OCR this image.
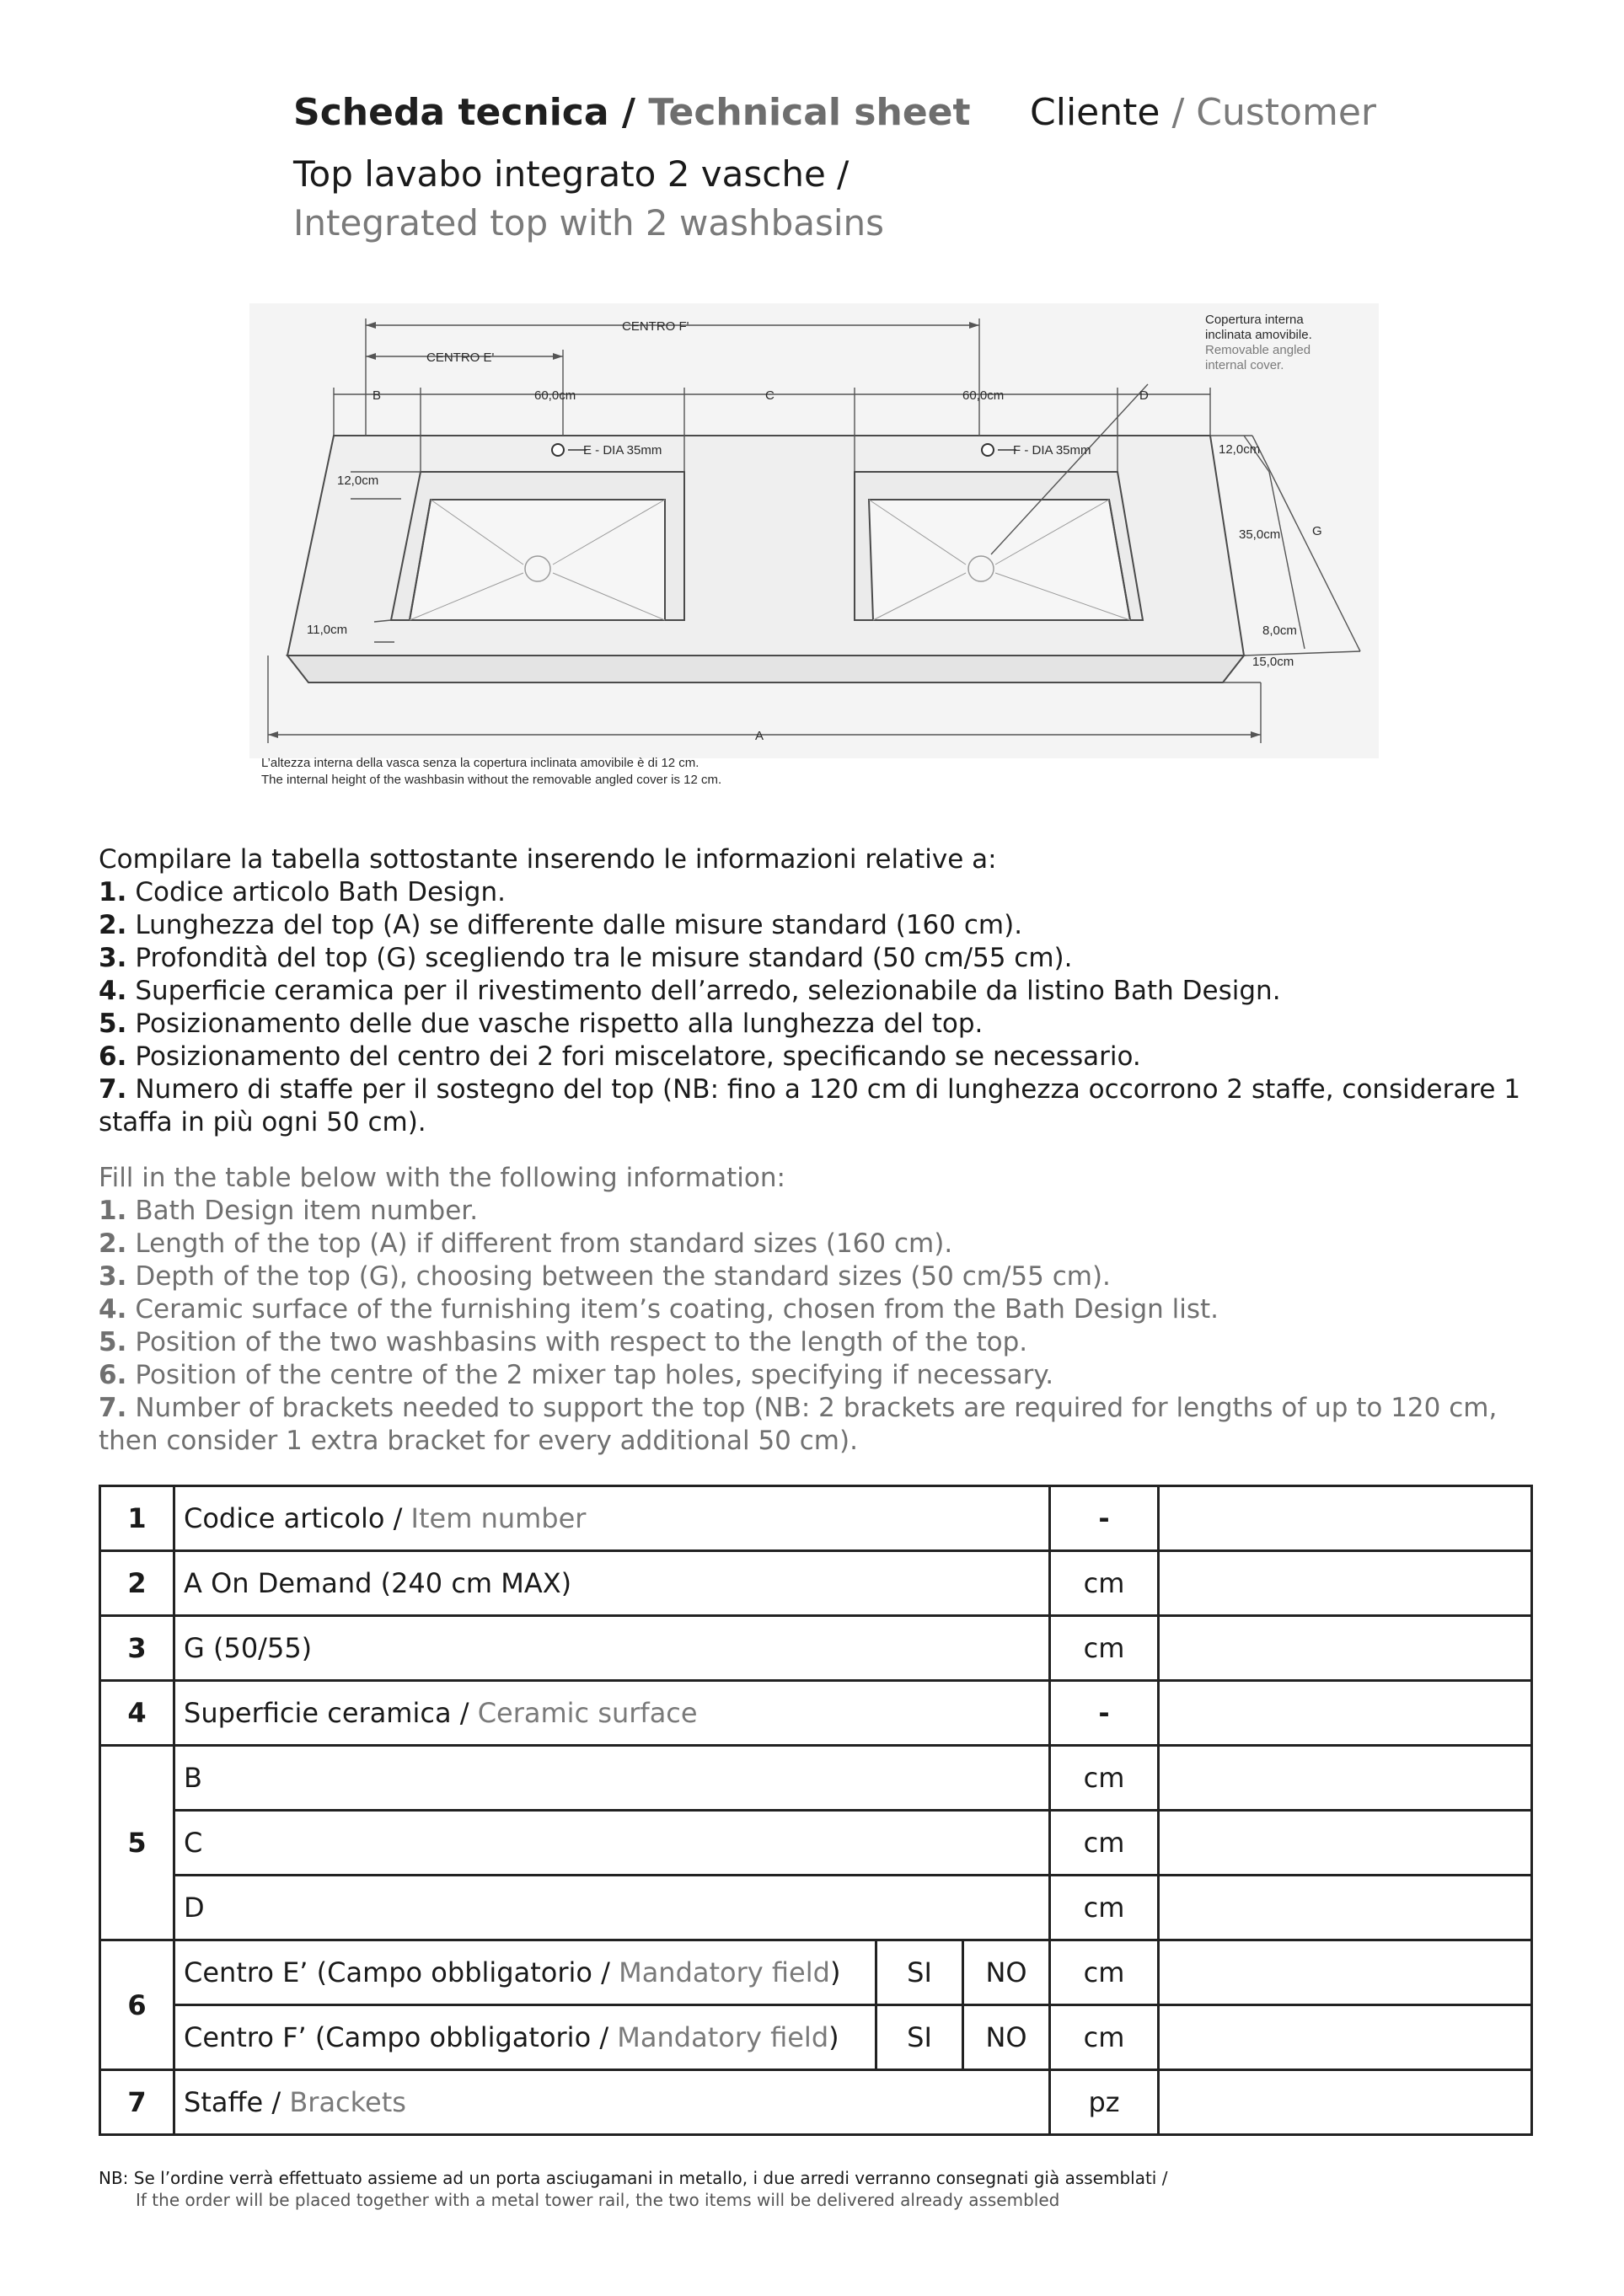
Scheda tecnica / Technical sheet Cliente / Customer
Top lavabo integrato 2 vasche /
Integrated top with 2 washbasins
CENTRO F'
CENTRO E'
B	60,0cm	C	60,0cm	D
E - DIA 35mm	F - DIA 35mm	12,0cm
12,0cm
35,0cm	G
8,0cm
15,0cm
11,0cm
A
Copertura interna
inclinata amovibile.
Removable angled
internal cover.
L’altezza interna della vasca senza la copertura inclinata amovibile è di 12 cm.
The internal height of the washbasin without the removable angled cover is 12 cm.

Compilare la tabella sottostante inserendo le informazioni relative a:

1. Codice articolo Bath Design.

2. Lunghezza del top (A) se differente dalle misure standard (160 cm).

3. Profondità del top (G) scegliendo tra le misure standard (50 cm/55 cm).

4. Superficie ceramica per il rivestimento dell’arredo, selezionabile da listino Bath Design.

5. Posizionamento delle due vasche rispetto alla lunghezza del top.

6. Posizionamento del centro dei 2 fori miscelatore, specificando se necessario.

7. Numero di staffe per il sostegno del top (NB: fino a 120 cm di lunghezza occorrono 2 staffe, considerare 1 staffa in più ogni 50 cm).

Fill in the table below with the following information:

1. Bath Design item number.

2. Length of the top (A) if different from standard sizes (160 cm).

3. Depth of the top (G), choosing between the standard sizes (50 cm/55 cm).

4. Ceramic surface of the furnishing item’s coating, chosen from the Bath Design list.

5. Position of the two washbasins with respect to the length of the top.

6. Position of the centre of the 2 mixer tap holes, specifying if necessary.

7. Number of brackets needed to support the top (NB: 2 brackets are required for lengths of up to 120 cm, then consider 1 extra bracket for every additional 50 cm).

1	Codice articolo / Item number			-	
2	A On Demand (240 cm MAX)			cm	
3	G (50/55)			cm	
4	Superficie ceramica / Ceramic surface			-	
5	B			cm	
	C			cm	
	D			cm	
6	Centro E’ (Campo obbligatorio / Mandatory field)	SI	NO	cm	
	Centro F’ (Campo obbligatorio / Mandatory field)	SI	NO	cm	
7	Staffe / Brackets			pz	
NB: Se l’ordine verrà effettuato assieme ad un porta asciugamani in metallo, i due arredi verranno consegnati già assemblati /
If the order will be placed together with a metal tower rail, the two items will be delivered already assembled
